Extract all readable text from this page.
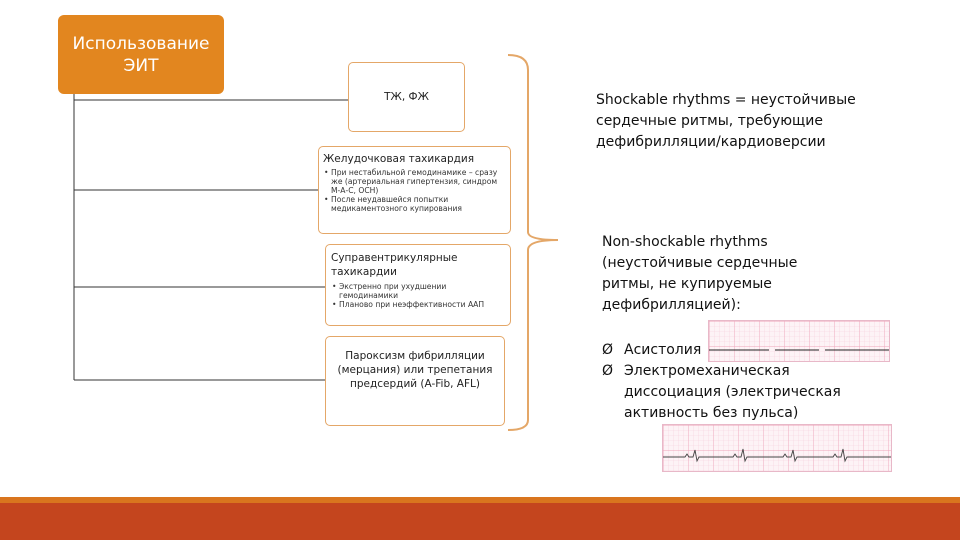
Использование
ЭИТ
ТЖ, ФЖ
Желудочковая тахикардия
• При нестабильной гемодинамике – сразу же (артериальная гипертензия, синдром М-А-С, ОСН)
• После неудавшейся попытки медикаментозного купирования
Суправентрикулярные тахикардии
• Экстренно при ухудшении гемодинамики
• Планово при неэффективности ААП
Пароксизм фибрилляции (мерцания) или трепетания предсердий (A-Fib, AFL)
Shockable rhythms = неустойчивые сердечные ритмы, требующие дефибрилляции/кардиоверсии
Non-shockable rhythms (неустойчивые сердечные ритмы, не купируемые дефибрилляцией):
Ø Асистолия
Ø Электромеханическая диссоциация (электрическая активность без пульса)
